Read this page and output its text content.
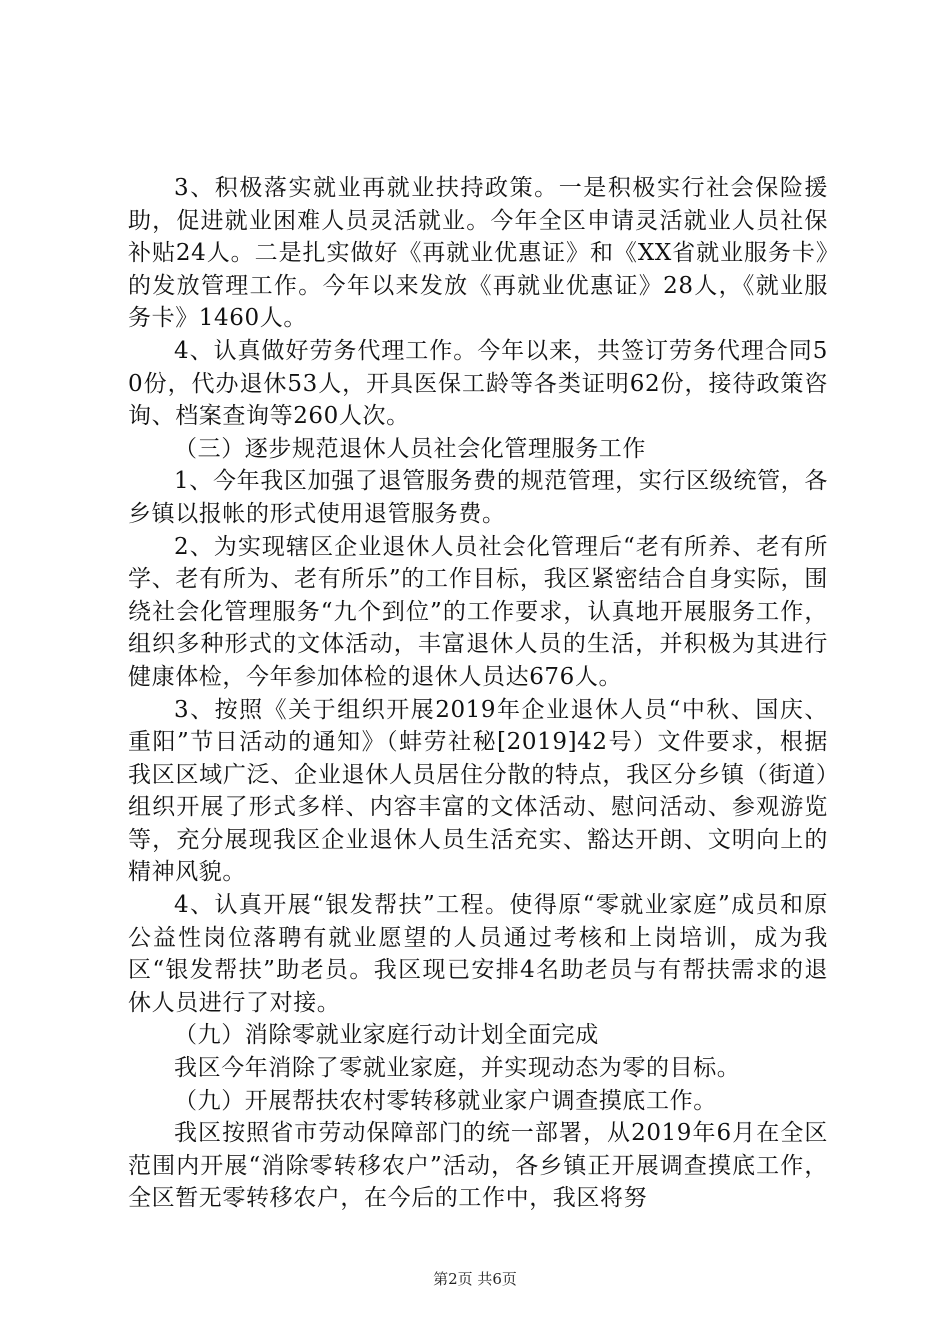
3、积极落实就业再就业扶持政策。一是积极实行社会保险援助，促进就业困难人员灵活就业。今年全区申请灵活就业人员社保补贴24人。二是扎实做好《再就业优惠证》和《XX省就业服务卡》的发放管理工作。今年以来发放《再就业优惠证》28人，《就业服务卡》1460人。

4、认真做好劳务代理工作。今年以来，共签订劳务代理合同50份，代办退休53人，开具医保工龄等各类证明62份，接待政策咨询、档案查询等260人次。

（三）逐步规范退休人员社会化管理服务工作

1、今年我区加强了退管服务费的规范管理，实行区级统管，各乡镇以报帐的形式使用退管服务费。

2、为实现辖区企业退休人员社会化管理后“老有所养、老有所学、老有所为、老有所乐”的工作目标，我区紧密结合自身实际，围绕社会化管理服务“九个到位”的工作要求，认真地开展服务工作，组织多种形式的文体活动，丰富退休人员的生活，并积极为其进行健康体检，今年参加体检的退休人员达676人。

3、按照《关于组织开展2019年企业退休人员“中秋、国庆、重阳”节日活动的通知》（蚌劳社秘[2019]42号）文件要求，根据我区区域广泛、企业退休人员居住分散的特点，我区分乡镇（街道）组织开展了形式多样、内容丰富的文体活动、慰问活动、参观游览等，充分展现我区企业退休人员生活充实、豁达开朗、文明向上的精神风貌。

4、认真开展“银发帮扶”工程。使得原“零就业家庭”成员和原公益性岗位落聘有就业愿望的人员通过考核和上岗培训，成为我区“银发帮扶”助老员。我区现已安排4名助老员与有帮扶需求的退休人员进行了对接。

（九）消除零就业家庭行动计划全面完成

我区今年消除了零就业家庭，并实现动态为零的目标。

（九）开展帮扶农村零转移就业家户调查摸底工作。

我区按照省市劳动保障部门的统一部署，从2019年6月在全区范围内开展“消除零转移农户”活动，各乡镇正开展调查摸底工作，全区暂无零转移农户，在今后的工作中，我区将努

第2页 共6页
